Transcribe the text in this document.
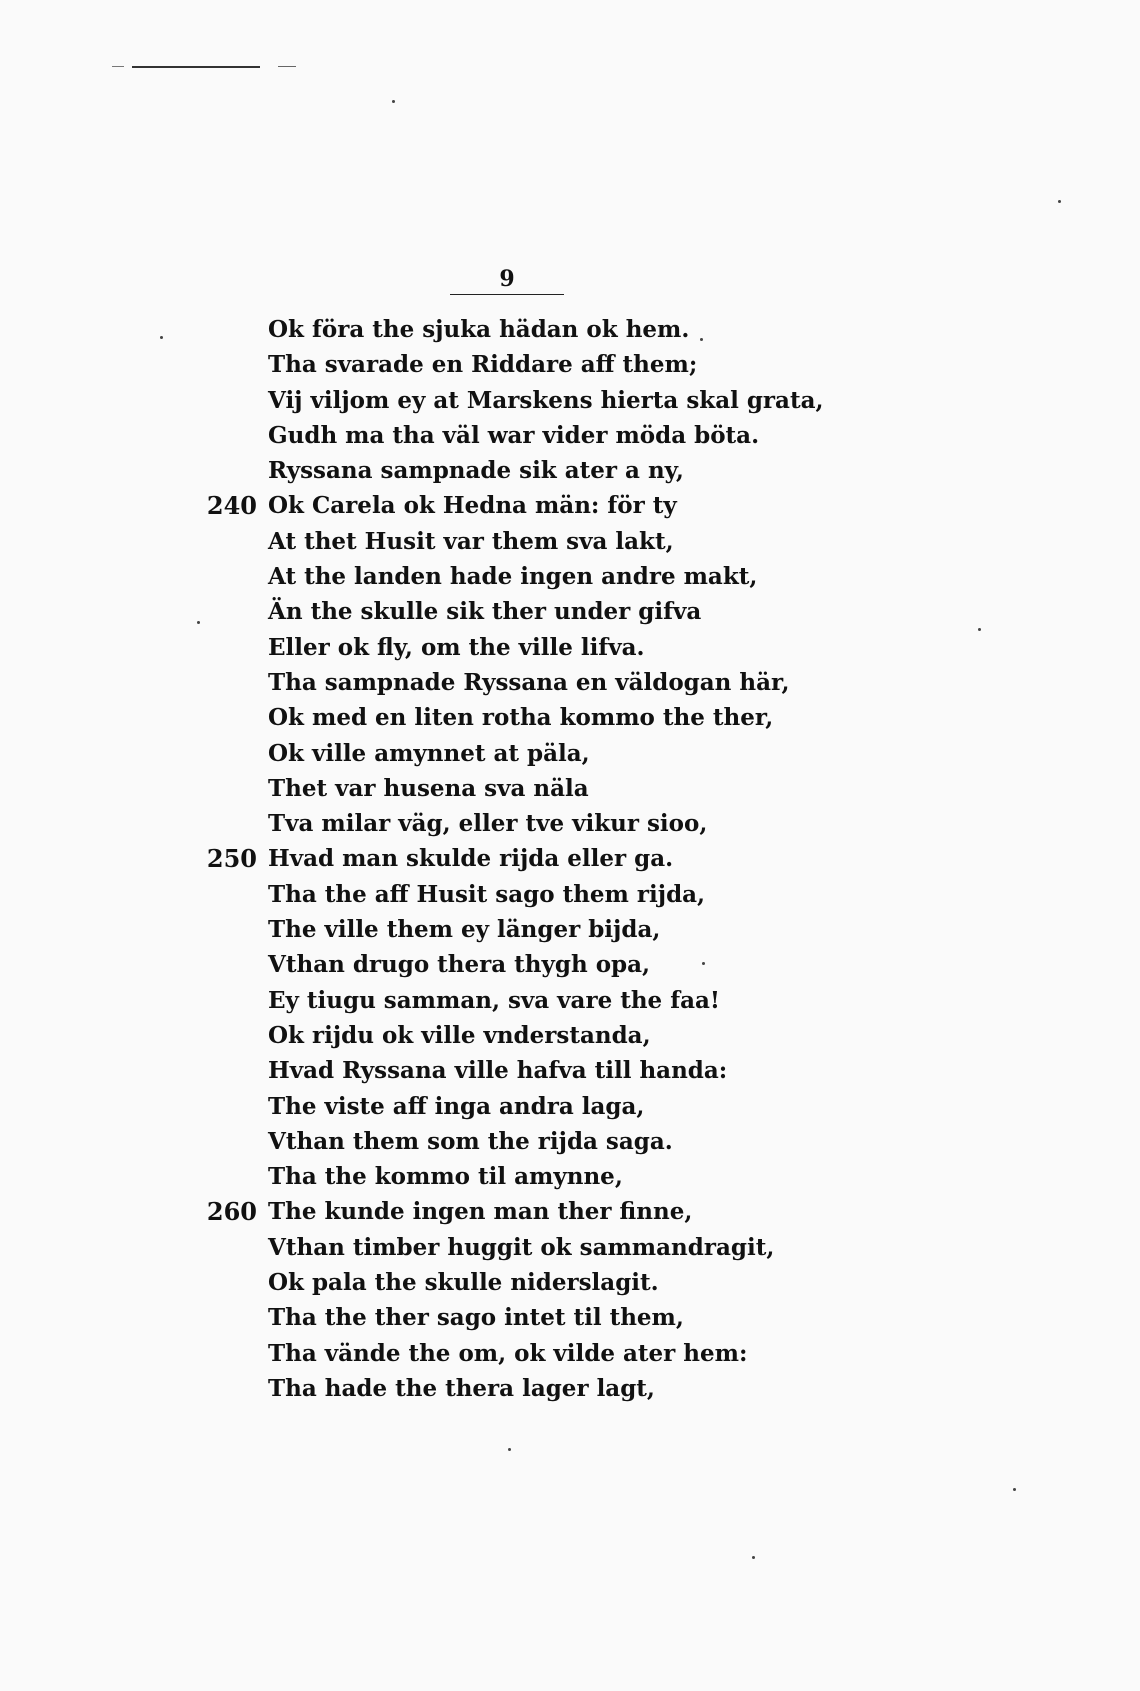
9
Ok föra the sjuka hädan ok hem.
Tha svarade en Riddare aff them;
Vij viljom ey at Marskens hierta skal grata,
Gudh ma tha väl war vider möda böta.
Ryssana sampnade sik ater a ny,
240 Ok Carela ok Hedna män: för ty
At thet Husit var them sva lakt,
At the landen hade ingen andre makt,
Än the skulle sik ther under gifva
Eller ok fly, om the ville lifva.
Tha sampnade Ryssana en väldogan här,
Ok med en liten rotha kommo the ther,
Ok ville amynnet at päla,
Thet var husena sva näla
Tva milar väg, eller tve vikur sioo,
250 Hvad man skulde rijda eller ga.
Tha the aff Husit sago them rijda,
The ville them ey länger bijda,
Vthan drugo thera thygh opa,
Ey tiugu samman, sva vare the faa!
Ok rijdu ok ville vnderstanda,
Hvad Ryssana ville hafva till handa:
The viste aff inga andra laga,
Vthan them som the rijda saga.
Tha the kommo til amynne,
260 The kunde ingen man ther finne,
Vthan timber huggit ok sammandragit,
Ok pala the skulle niderslagit.
Tha the ther sago intet til them,
Tha vände the om, ok vilde ater hem:
Tha hade the thera lager lagt,
